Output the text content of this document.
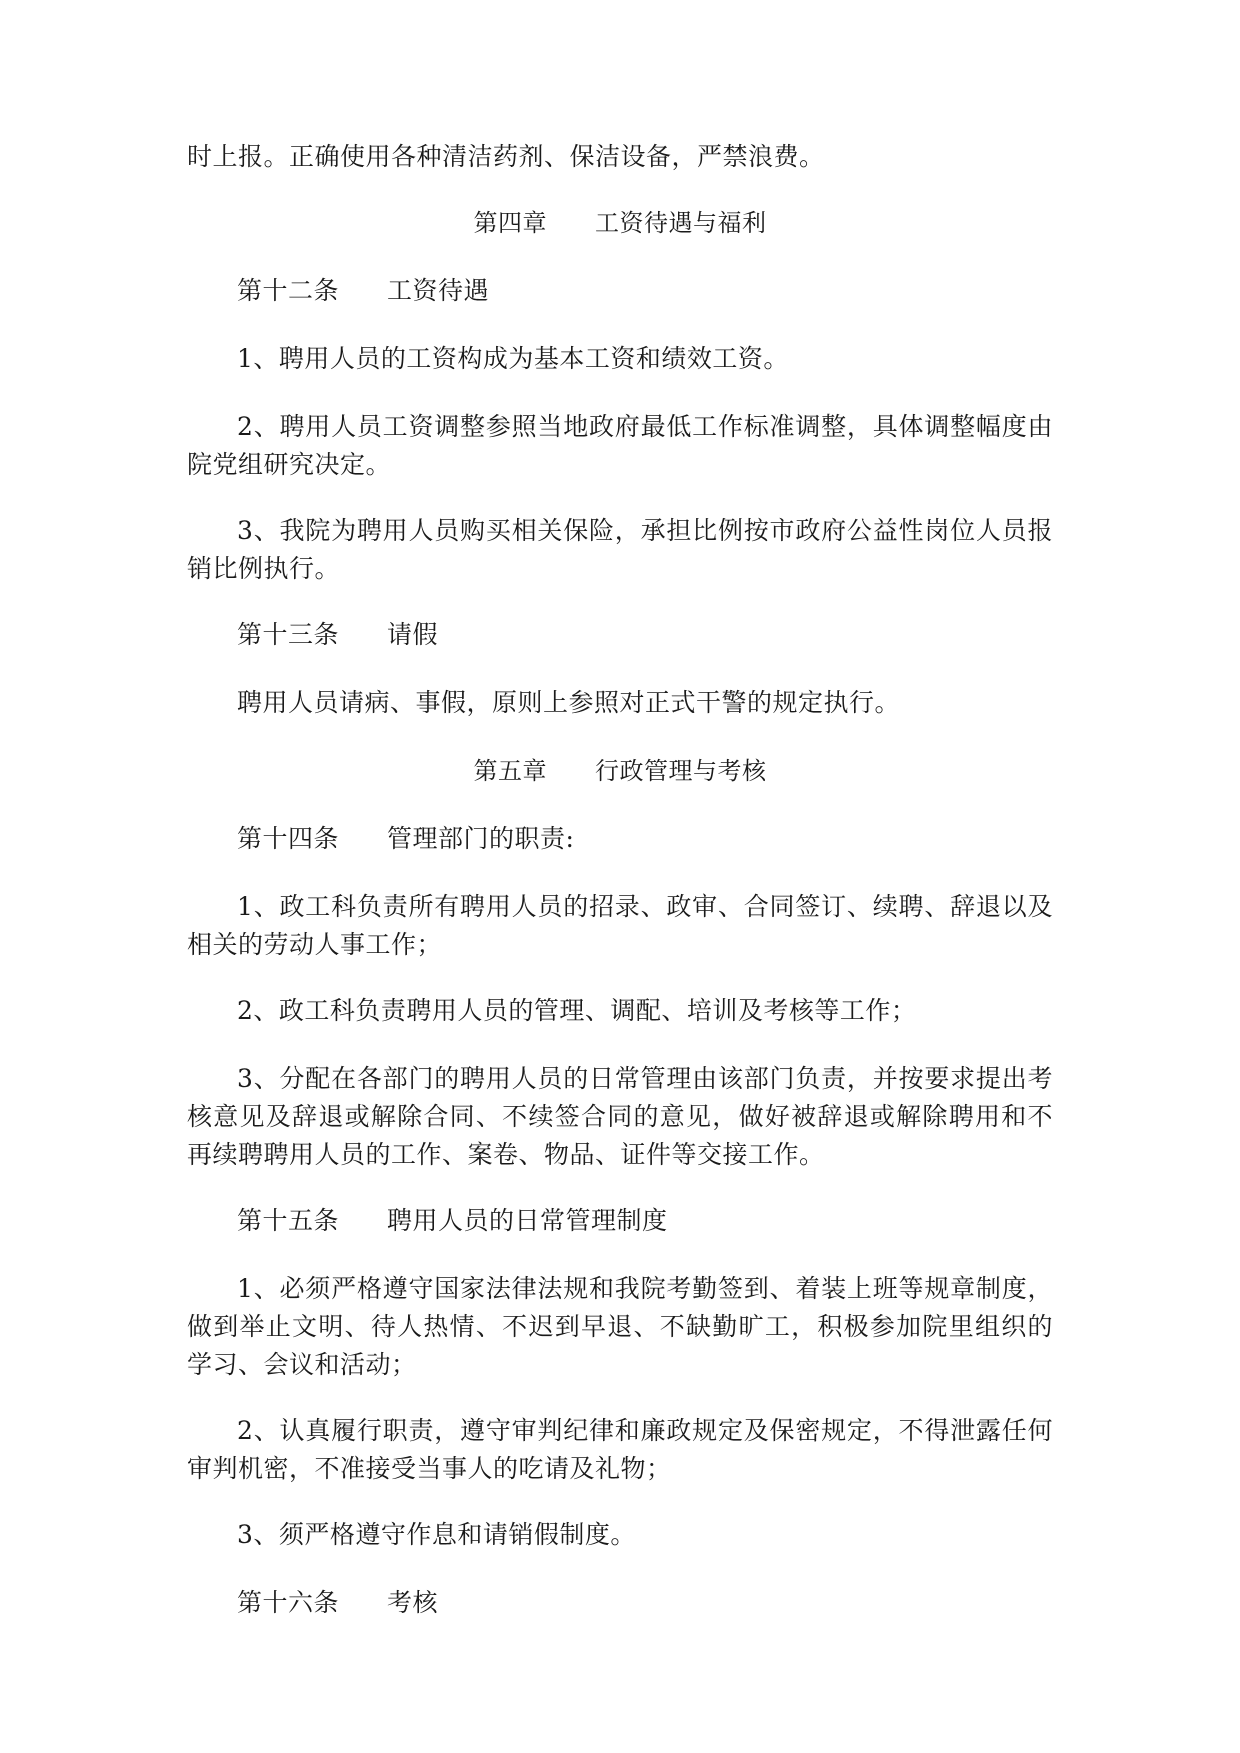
时上报。正确使用各种清洁药剂、保洁设备，严禁浪费。

第四章 工资待遇与福利

第十二条 工资待遇

1、聘用人员的工资构成为基本工资和绩效工资。

2、聘用人员工资调整参照当地政府最低工作标准调整，具体调整幅度由院党组研究决定。

3、我院为聘用人员购买相关保险，承担比例按市政府公益性岗位人员报销比例执行。

第十三条 请假

聘用人员请病、事假，原则上参照对正式干警的规定执行。

第五章 行政管理与考核

第十四条 管理部门的职责:

1、政工科负责所有聘用人员的招录、政审、合同签订、续聘、辞退以及相关的劳动人事工作；

2、政工科负责聘用人员的管理、调配、培训及考核等工作；

3、分配在各部门的聘用人员的日常管理由该部门负责，并按要求提出考核意见及辞退或解除合同、不续签合同的意见，做好被辞退或解除聘用和不再续聘聘用人员的工作、案卷、物品、证件等交接工作。

第十五条 聘用人员的日常管理制度

1、必须严格遵守国家法律法规和我院考勤签到、着装上班等规章制度，做到举止文明、待人热情、不迟到早退、不缺勤旷工，积极参加院里组织的学习、会议和活动；

2、认真履行职责，遵守审判纪律和廉政规定及保密规定，不得泄露任何审判机密，不准接受当事人的吃请及礼物；

3、须严格遵守作息和请销假制度。

第十六条 考核
